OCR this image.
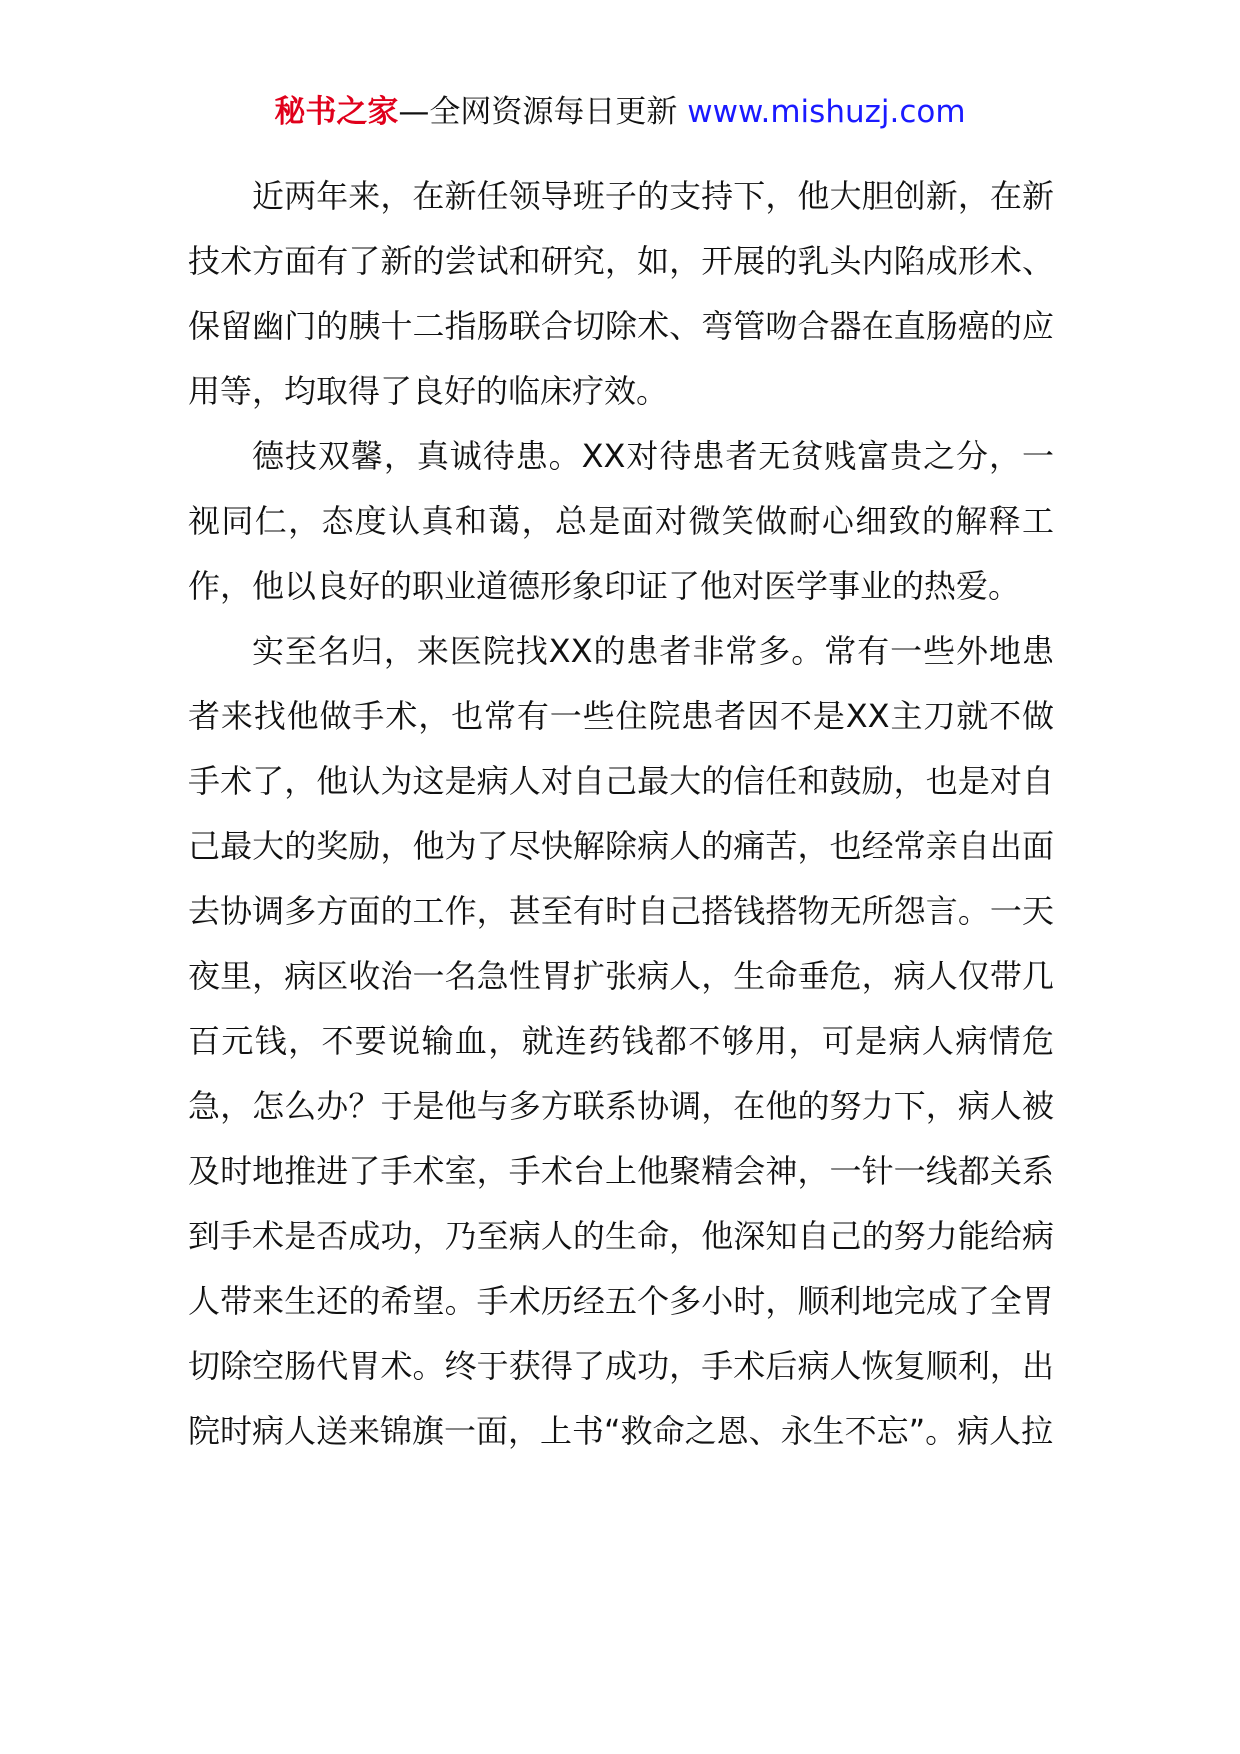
秘书之家—全网资源每日更新 www.mishuzj.com

近两年来，在新任领导班子的支持下，他大胆创新，在新技术方面有了新的尝试和研究，如，开展的乳头内陷成形术、保留幽门的胰十二指肠联合切除术、弯管吻合器在直肠癌的应用等，均取得了良好的临床疗效。

德技双馨，真诚待患。XX对待患者无贫贱富贵之分，一视同仁，态度认真和蔼，总是面对微笑做耐心细致的解释工作，他以良好的职业道德形象印证了他对医学事业的热爱。

实至名归，来医院找XX的患者非常多。常有一些外地患者来找他做手术，也常有一些住院患者因不是XX主刀就不做手术了，他认为这是病人对自己最大的信任和鼓励，也是对自己最大的奖励，他为了尽快解除病人的痛苦，也经常亲自出面去协调多方面的工作，甚至有时自己搭钱搭物无所怨言。一天夜里，病区收治一名急性胃扩张病人，生命垂危，病人仅带几百元钱，不要说输血，就连药钱都不够用，可是病人病情危急，怎么办？于是他与多方联系协调，在他的努力下，病人被及时地推进了手术室，手术台上他聚精会神，一针一线都关系到手术是否成功，乃至病人的生命，他深知自己的努力能给病人带来生还的希望。手术历经五个多小时，顺利地完成了全胃切除空肠代胃术。终于获得了成功，手术后病人恢复顺利，出院时病人送来锦旗一面，上书“救命之恩、永生不忘”。病人拉
